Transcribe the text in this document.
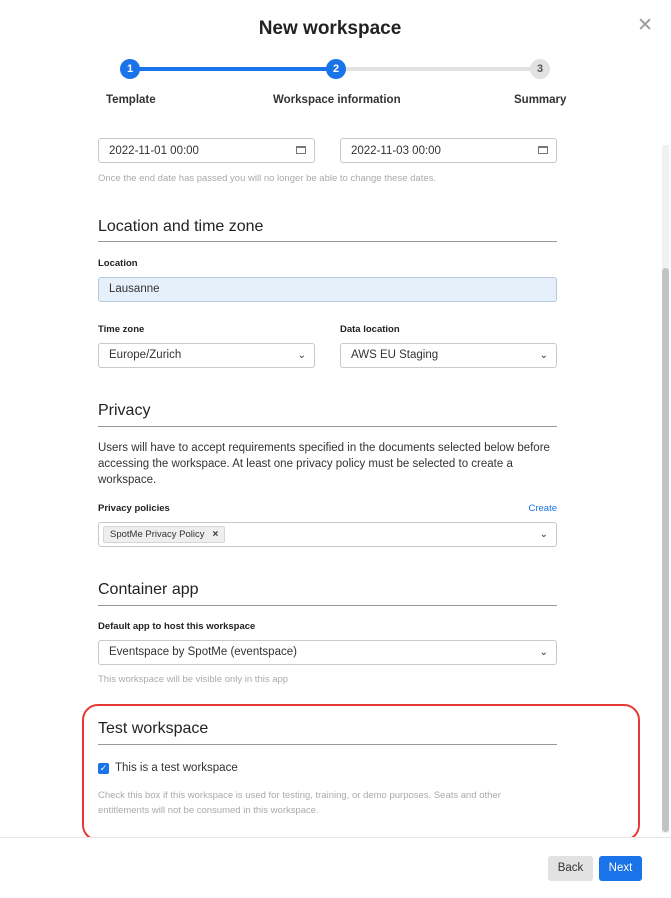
New workspace	✕
1	2	3
Template	Workspace information	Summary
2022-11-01 00:00	2022-11-03 00:00
Once the end date has passed you will no longer be able to change these dates.
Location and time zone
Location
Lausanne
Time zone
Europe/Zurich	⌄
Data location
AWS EU Staging	⌄
Privacy
Users will have to accept requirements specified in the documents selected below before accessing the workspace. At least one privacy policy must be selected to create a workspace.
Privacy policies	Create
SpotMe Privacy Policy ×	⌄
Container app
Default app to host this workspace
Eventspace by SpotMe (eventspace)	⌄
This workspace will be visible only in this app
Test workspace
✓ This is a test workspace
Check this box if this workspace is used for testing, training, or demo purposes. Seats and other
entitlements will not be consumed in this workspace.
Back	Next
